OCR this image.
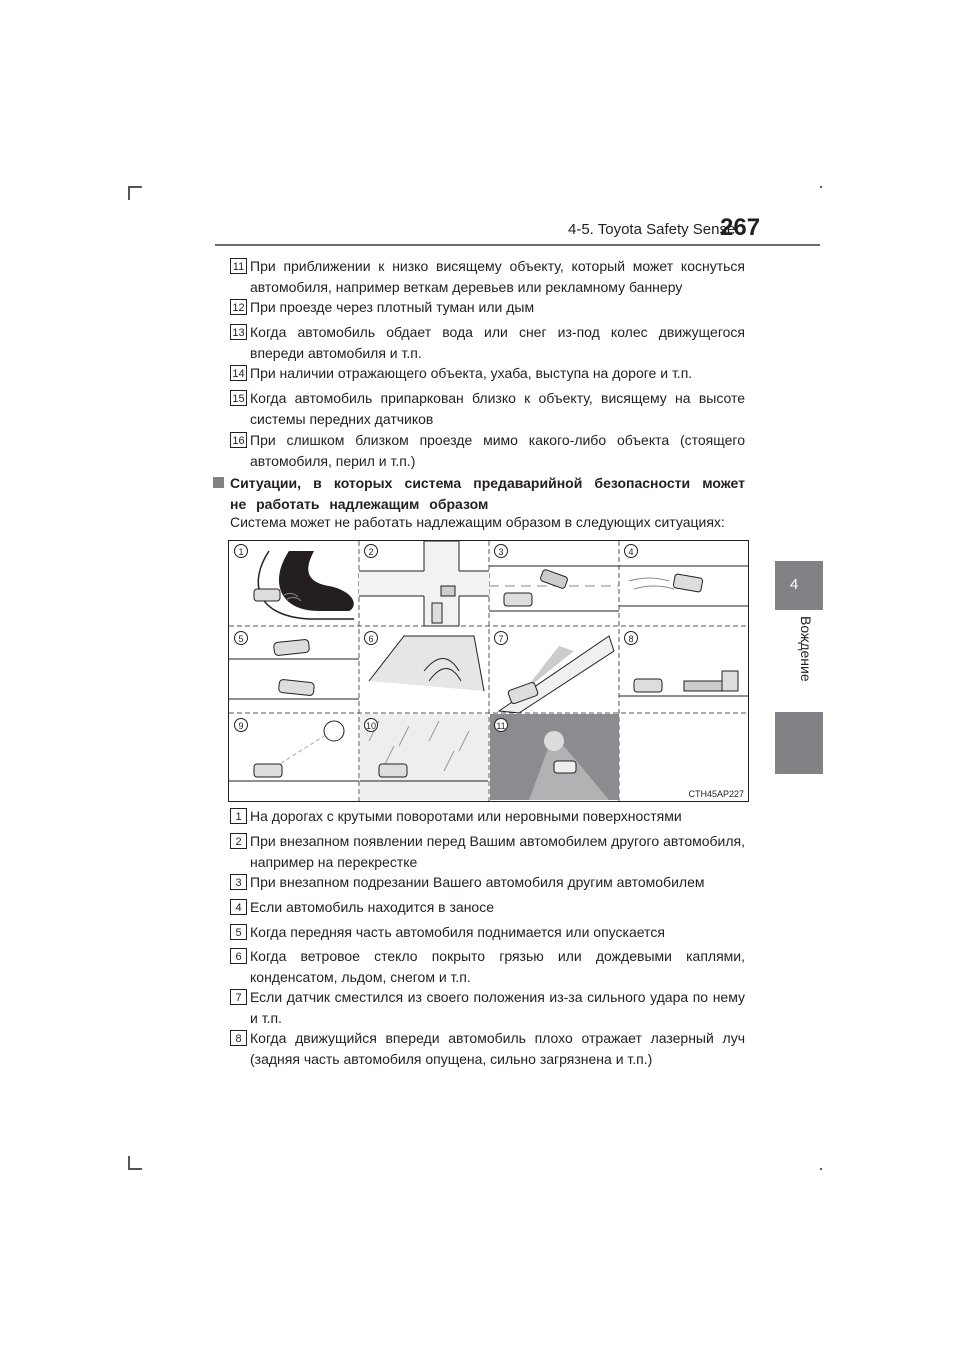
4-5. Toyota Safety Sense
267
4
Вождение
11 При приближении к низко висящему объекту, который может коснуться автомобиля, например веткам деревьев или рекламному баннеру
12 При проезде через плотный туман или дым
13 Когда автомобиль обдает вода или снег из-под колес движущегося впереди автомобиля и т.п.
14 При наличии отражающего объекта, ухаба, выступа на дороге и т.п.
15 Когда автомобиль припаркован близко к объекту, висящему на высоте системы передних датчиков
16 При слишком близком проезде мимо какого-либо объекта (стоящего автомобиля, перил и т.п.)
Ситуации, в которых система предаварийной безопасности может не работать надлежащим образом
Система может не работать надлежащим образом в следующих ситуациях:
1	2	3	4
5	6	7	8
9	10	11
CTH45AP227
1 На дорогах с крутыми поворотами или неровными поверхностями
2 При внезапном появлении перед Вашим автомобилем другого автомобиля, например на перекрестке
3 При внезапном подрезании Вашего автомобиля другим автомобилем
4 Если автомобиль находится в заносе
5 Когда передняя часть автомобиля поднимается или опускается
6 Когда ветровое стекло покрыто грязью или дождевыми каплями, конденсатом, льдом, снегом и т.п.
7 Если датчик сместился из своего положения из-за сильного удара по нему и т.п.
8 Когда движущийся впереди автомобиль плохо отражает лазерный луч (задняя часть автомобиля опущена, сильно загрязнена и т.п.)
